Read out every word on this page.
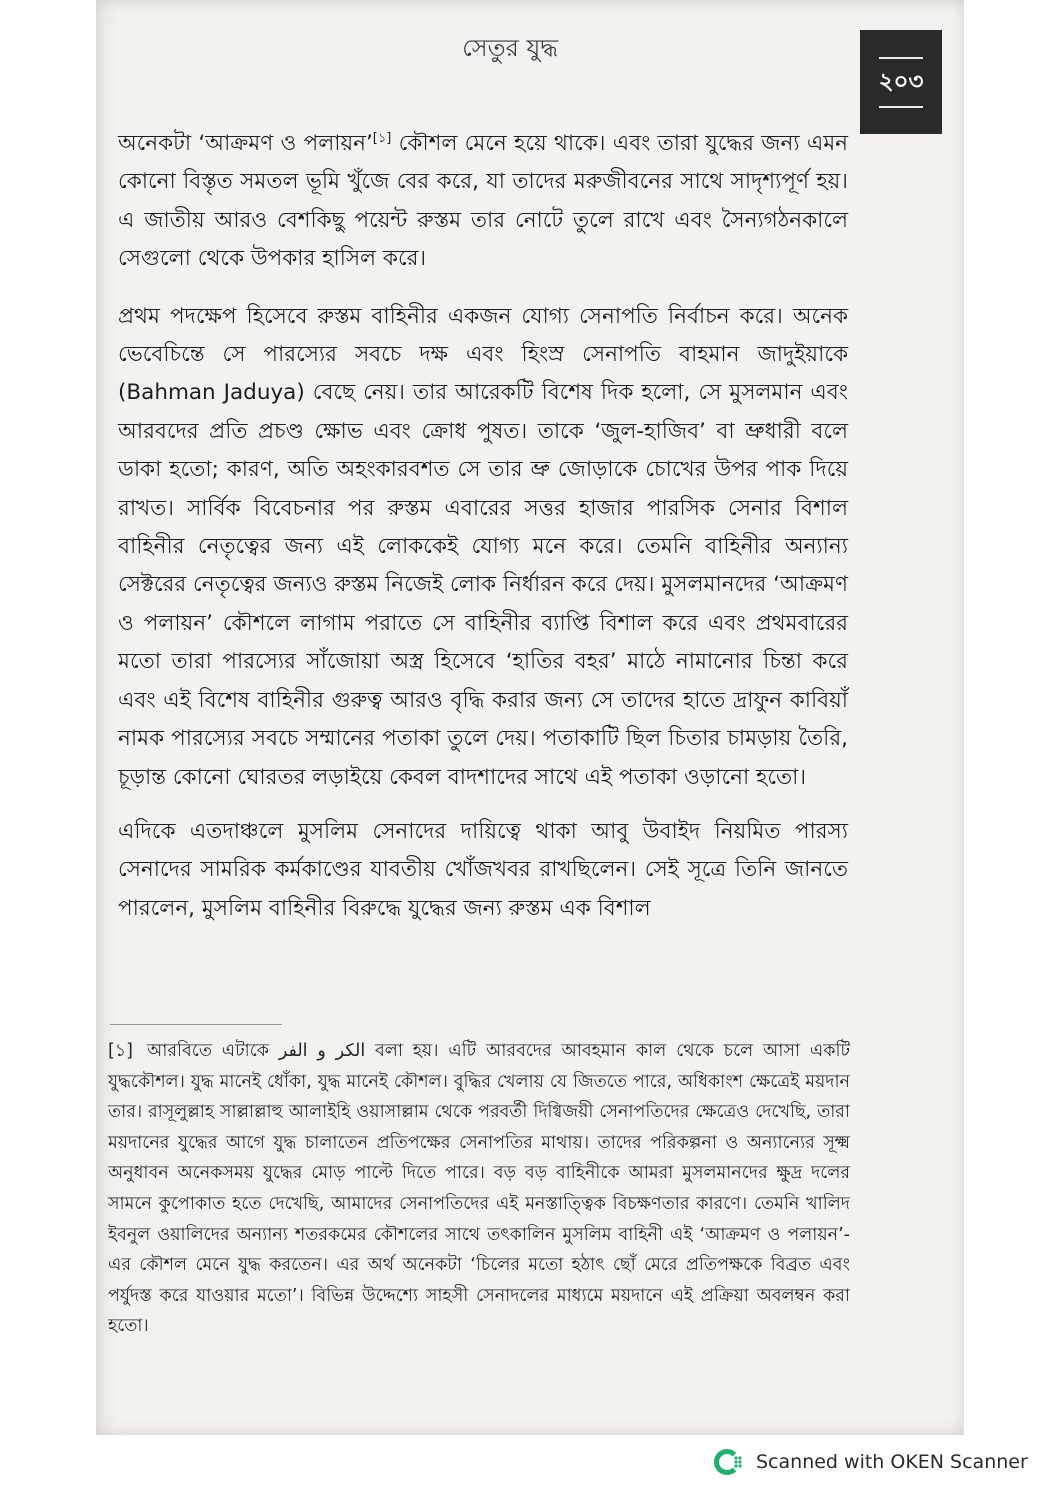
সেতুর যুদ্ধ
২০৩

অনেকটা ‘আক্রমণ ও পলায়ন’[১] কৌশল মেনে হয়ে থাকে। এবং তারা যুদ্ধের জন্য এমন কোনো বিস্তৃত সমতল ভূমি খুঁজে বের করে, যা তাদের মরুজীবনের সাথে সাদৃশ্যপূর্ণ হয়। এ জাতীয় আরও বেশকিছু পয়েন্ট রুস্তম তার নোটে তুলে রাখে এবং সৈন্যগঠনকালে সেগুলো থেকে উপকার হাসিল করে।

প্রথম পদক্ষেপ হিসেবে রুস্তম বাহিনীর একজন যোগ্য সেনাপতি নির্বাচন করে। অনেক ভেবেচিন্তে সে পারস্যের সবচে দক্ষ এবং হিংস্র সেনাপতি বাহমান জাদুইয়াকে (Bahman Jaduya) বেছে নেয়। তার আরেকটি বিশেষ দিক হলো, সে মুসলমান এবং আরবদের প্রতি প্রচণ্ড ক্ষোভ এবং ক্রোধ পুষত। তাকে ‘জুল-হাজিব’ বা ভ্রুধারী বলে ডাকা হতো; কারণ, অতি অহংকারবশত সে তার ভ্রু জোড়াকে চোখের উপর পাক দিয়ে রাখত। সার্বিক বিবেচনার পর রুস্তম এবারের সত্তর হাজার পারসিক সেনার বিশাল বাহিনীর নেতৃত্বের জন্য এই লোককেই যোগ্য মনে করে। তেমনি বাহিনীর অন্যান্য সেক্টরের নেতৃত্বের জন্যও রুস্তম নিজেই লোক নির্ধারন করে দেয়। মুসলমানদের ‘আক্রমণ ও পলায়ন’ কৌশলে লাগাম পরাতে সে বাহিনীর ব্যাপ্তি বিশাল করে এবং প্রথমবারের মতো তারা পারস্যের সাঁজোয়া অস্ত্র হিসেবে ‘হাতির বহর’ মাঠে নামানোর চিন্তা করে এবং এই বিশেষ বাহিনীর গুরুত্ব আরও বৃদ্ধি করার জন্য সে তাদের হাতে দ্রাফুন কাবিয়াঁ নামক পারস্যের সবচে সম্মানের পতাকা তুলে দেয়। পতাকাটি ছিল চিতার চামড়ায় তৈরি, চূড়ান্ত কোনো ঘোরতর লড়াইয়ে কেবল বাদশাদের সাথে এই পতাকা ওড়ানো হতো।

এদিকে এতদাঞ্চলে মুসলিম সেনাদের দায়িত্বে থাকা আবু উবাইদ নিয়মিত পারস্য সেনাদের সামরিক কর্মকাণ্ডের যাবতীয় খোঁজখবর রাখছিলেন। সেই সূত্রে তিনি জানতে পারলেন, মুসলিম বাহিনীর বিরুদ্ধে যুদ্ধের জন্য রুস্তম এক বিশাল

[১] আরবিতে এটাকে الكر و الفر বলা হয়। এটি আরবদের আবহমান কাল থেকে চলে আসা একটি যুদ্ধকৌশল। যুদ্ধ মানেই ধোঁকা, যুদ্ধ মানেই কৌশল। বুদ্ধির খেলায় যে জিততে পারে, অধিকাংশ ক্ষেত্রেই ময়দান তার। রাসূলুল্লাহ সাল্লাল্লাহু আলাইহি ওয়াসাল্লাম থেকে পরবর্তী দিগ্বিজয়ী সেনাপতিদের ক্ষেত্রেও দেখেছি, তারা ময়দানের যুদ্ধের আগে যুদ্ধ চালাতেন প্রতিপক্ষের সেনাপতির মাথায়। তাদের পরিকল্পনা ও অন্যান্যের সূক্ষ্ম অনুধাবন অনেকসময় যুদ্ধের মোড় পাল্টে দিতে পারে। বড় বড় বাহিনীকে আমরা মুসলমানদের ক্ষুদ্র দলের সামনে কুপোকাত হতে দেখেছি, আমাদের সেনাপতিদের এই মনস্তাত্ত্বিক বিচক্ষণতার কারণে। তেমনি খালিদ ইবনুল ওয়ালিদের অন্যান্য শতরকমের কৌশলের সাথে তৎকালিন মুসলিম বাহিনী এই ‘আক্রমণ ও পলায়ন’-এর কৌশল মেনে যুদ্ধ করতেন। এর অর্থ অনেকটা ‘চিলের মতো হঠাৎ ছোঁ মেরে প্রতিপক্ষকে বিব্রত এবং পর্যুদস্ত করে যাওয়ার মতো’। বিভিন্ন উদ্দেশ্যে সাহসী সেনাদলের মাধ্যমে ময়দানে এই প্রক্রিয়া অবলম্বন করা হতো।
Scanned with OKEN Scanner
